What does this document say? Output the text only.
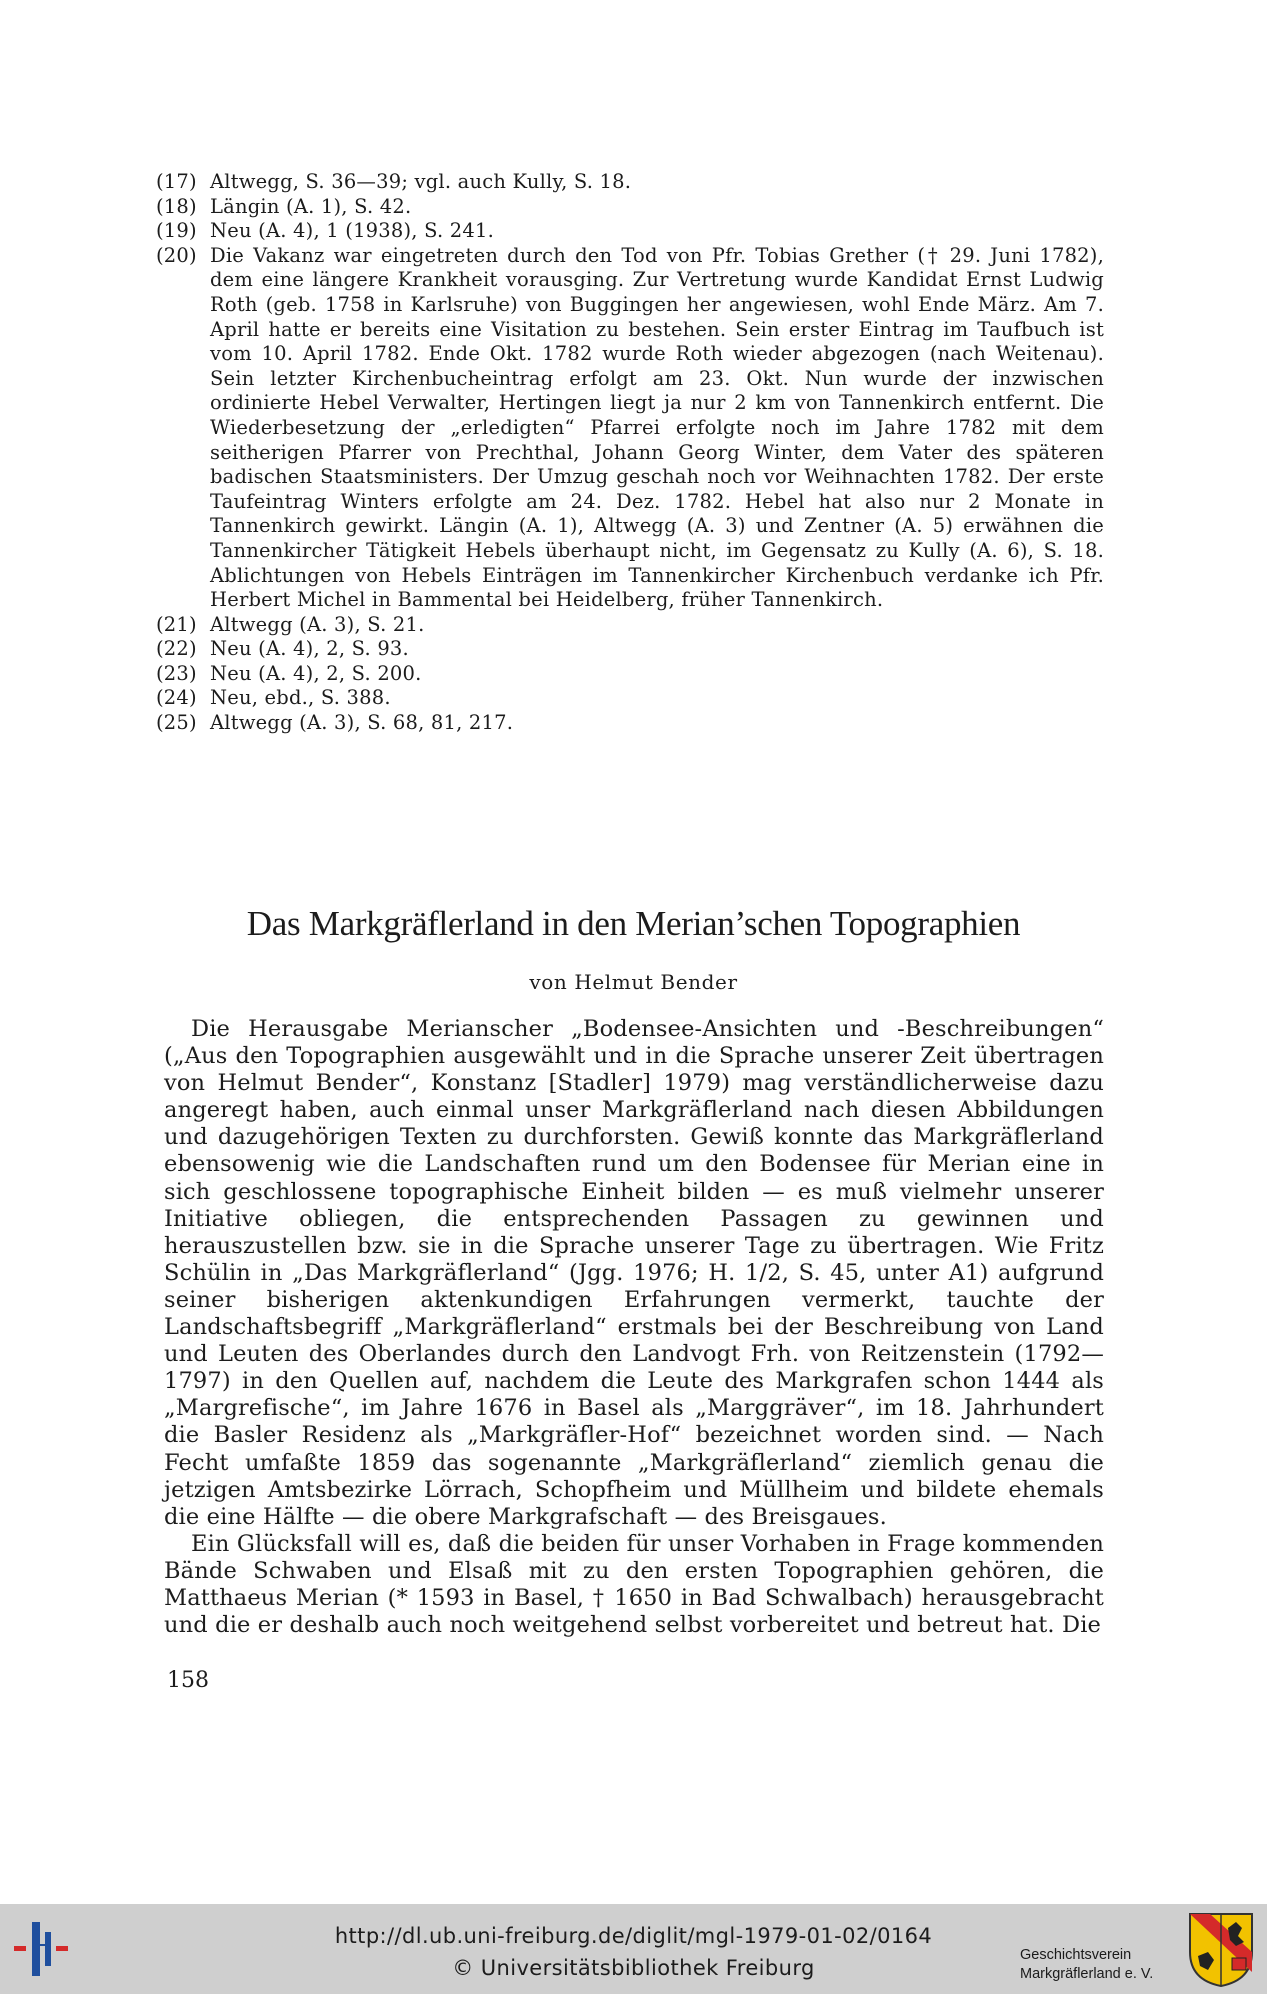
(17) Altwegg, S. 36—39; vgl. auch Kully, S. 18.
(18) Längin (A. 1), S. 42.
(19) Neu (A. 4), 1 (1938), S. 241.
(20) Die Vakanz war eingetreten durch den Tod von Pfr. Tobias Grether († 29. Juni 1782), dem eine längere Krankheit vorausging. Zur Vertretung wurde Kandidat Ernst Ludwig Roth (geb. 1758 in Karlsruhe) von Buggingen her angewiesen, wohl Ende März. Am 7. April hatte er bereits eine Visitation zu bestehen. Sein erster Eintrag im Taufbuch ist vom 10. April 1782. Ende Okt. 1782 wurde Roth wieder abgezogen (nach Weitenau). Sein letzter Kirchenbucheintrag erfolgt am 23. Okt. Nun wurde der inzwischen ordinierte Hebel Verwalter, Hertingen liegt ja nur 2 km von Tannenkirch entfernt. Die Wiederbesetzung der „erledigten“ Pfarrei erfolgte noch im Jahre 1782 mit dem seitherigen Pfarrer von Prechthal, Johann Georg Winter, dem Vater des späteren badischen Staatsministers. Der Umzug geschah noch vor Weihnachten 1782. Der erste Taufeintrag Winters erfolgte am 24. Dez. 1782. Hebel hat also nur 2 Monate in Tannenkirch gewirkt. Längin (A. 1), Altwegg (A. 3) und Zentner (A. 5) erwähnen die Tannenkircher Tätigkeit Hebels überhaupt nicht, im Gegensatz zu Kully (A. 6), S. 18. Ablichtungen von Hebels Einträgen im Tannenkircher Kirchenbuch verdanke ich Pfr. Herbert Michel in Bammental bei Heidelberg, früher Tannenkirch.
(21) Altwegg (A. 3), S. 21.
(22) Neu (A. 4), 2, S. 93.
(23) Neu (A. 4), 2, S. 200.
(24) Neu, ebd., S. 388.
(25) Altwegg (A. 3), S. 68, 81, 217.
Das Markgräflerland in den Merian’schen Topographien
von Helmut Bender

Die Herausgabe Merianscher „Bodensee-Ansichten und -Beschreibungen“ („Aus den Topographien ausgewählt und in die Sprache unserer Zeit übertragen von Helmut Bender“, Konstanz [Stadler] 1979) mag verständlicherweise dazu angeregt haben, auch einmal unser Markgräflerland nach diesen Abbildungen und dazugehörigen Texten zu durchforsten. Gewiß konnte das Markgräflerland ebensowenig wie die Landschaften rund um den Bodensee für Merian eine in sich geschlossene topographische Einheit bilden — es muß vielmehr unserer Initiative obliegen, die entsprechenden Passagen zu gewinnen und herauszustellen bzw. sie in die Sprache unserer Tage zu übertragen. Wie Fritz Schülin in „Das Markgräflerland“ (Jgg. 1976; H. 1/2, S. 45, unter A1) aufgrund seiner bisherigen aktenkundigen Erfahrungen vermerkt, tauchte der Landschaftsbegriff „Markgräflerland“ erstmals bei der Beschreibung von Land und Leuten des Oberlandes durch den Landvogt Frh. von Reitzenstein (1792—1797) in den Quellen auf, nachdem die Leute des Markgrafen schon 1444 als „Margrefische“, im Jahre 1676 in Basel als „Marggräver“, im 18. Jahrhundert die Basler Residenz als „Markgräfler-Hof“ bezeichnet worden sind. — Nach Fecht umfaßte 1859 das sogenannte „Markgräflerland“ ziemlich genau die jetzigen Amtsbezirke Lörrach, Schopfheim und Müllheim und bildete ehemals die eine Hälfte — die obere Markgrafschaft — des Breisgaues.

Ein Glücksfall will es, daß die beiden für unser Vorhaben in Frage kommenden Bände Schwaben und Elsaß mit zu den ersten Topographien gehören, die Matthaeus Merian (* 1593 in Basel, † 1650 in Bad Schwalbach) herausgebracht und die er deshalb auch noch weitgehend selbst vorbereitet und betreut hat. Die

158
http://dl.ub.uni-freiburg.de/diglit/mgl-1979-01-02/0164
© Universitätsbibliothek Freiburg
Geschichtsverein
Markgräflerland e. V.
